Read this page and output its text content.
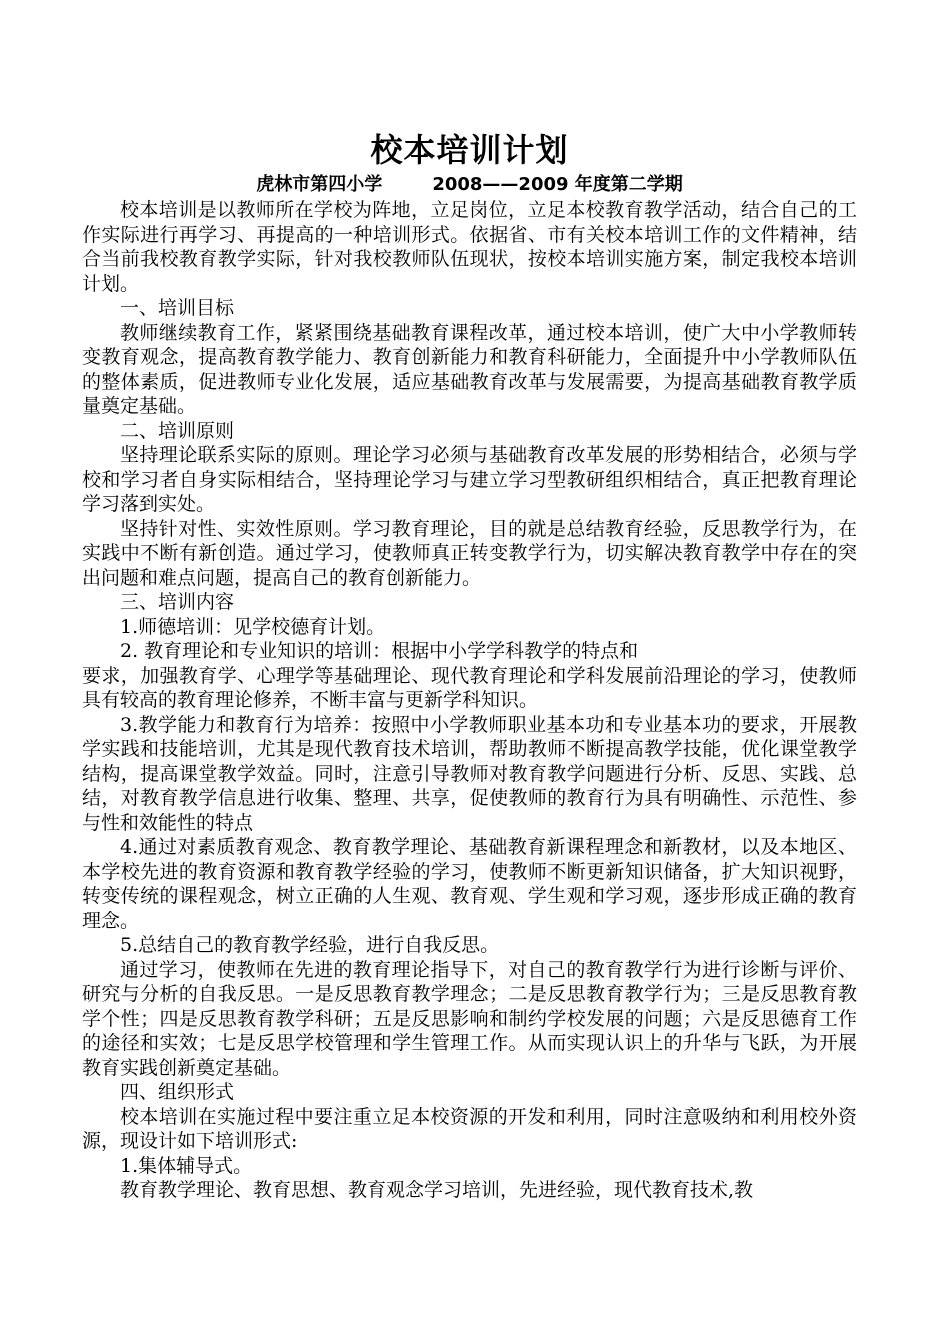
校本培训计划
虎林市第四小学        2008——2009 年度第二学期

校本培训是以教师所在学校为阵地，立足岗位，立足本校教育教学活动，结合自己的工作实际进行再学习、再提高的一种培训形式。依据省、市有关校本培训工作的文件精神，结合当前我校教育教学实际，针对我校教师队伍现状，按校本培训实施方案，制定我校本培训计划。

一、培训目标

教师继续教育工作，紧紧围绕基础教育课程改革，通过校本培训，使广大中小学教师转变教育观念，提高教育教学能力、教育创新能力和教育科研能力，全面提升中小学教师队伍的整体素质，促进教师专业化发展，适应基础教育改革与发展需要，为提高基础教育教学质量奠定基础。

二、培训原则

坚持理论联系实际的原则。理论学习必须与基础教育改革发展的形势相结合，必须与学校和学习者自身实际相结合，坚持理论学习与建立学习型教研组织相结合，真正把教育理论学习落到实处。

坚持针对性、实效性原则。学习教育理论，目的就是总结教育经验，反思教学行为，在实践中不断有新创造。通过学习，使教师真正转变教学行为，切实解决教育教学中存在的突出问题和难点问题，提高自己的教育创新能力。

三、培训内容

1.师德培训：见学校德育计划。

2. 教育理论和专业知识的培训：根据中小学学科教学的特点和

要求，加强教育学、心理学等基础理论、现代教育理论和学科发展前沿理论的学习，使教师具有较高的教育理论修养，不断丰富与更新学科知识。

3.教学能力和教育行为培养：按照中小学教师职业基本功和专业基本功的要求，开展教学实践和技能培训，尤其是现代教育技术培训，帮助教师不断提高教学技能，优化课堂教学结构，提高课堂教学效益。同时，注意引导教师对教育教学问题进行分析、反思、实践、总结，对教育教学信息进行收集、整理、共享，促使教师的教育行为具有明确性、示范性、参与性和效能性的特点

4.通过对素质教育观念、教育教学理论、基础教育新课程理念和新教材，以及本地区、本学校先进的教育资源和教育教学经验的学习，使教师不断更新知识储备，扩大知识视野，转变传统的课程观念，树立正确的人生观、教育观、学生观和学习观，逐步形成正确的教育理念。

5.总结自己的教育教学经验，进行自我反思。

通过学习，使教师在先进的教育理论指导下，对自己的教育教学行为进行诊断与评价、研究与分析的自我反思。一是反思教育教学理念；二是反思教育教学行为；三是反思教育教学个性；四是反思教育教学科研；五是反思影响和制约学校发展的问题；六是反思德育工作的途径和实效；七是反思学校管理和学生管理工作。从而实现认识上的升华与飞跃，为开展教育实践创新奠定基础。

四、组织形式

校本培训在实施过程中要注重立足本校资源的开发和利用，同时注意吸纳和利用校外资源，现设计如下培训形式:

1.集体辅导式。

教育教学理论、教育思想、教育观念学习培训，先进经验，现代教育技术,教
